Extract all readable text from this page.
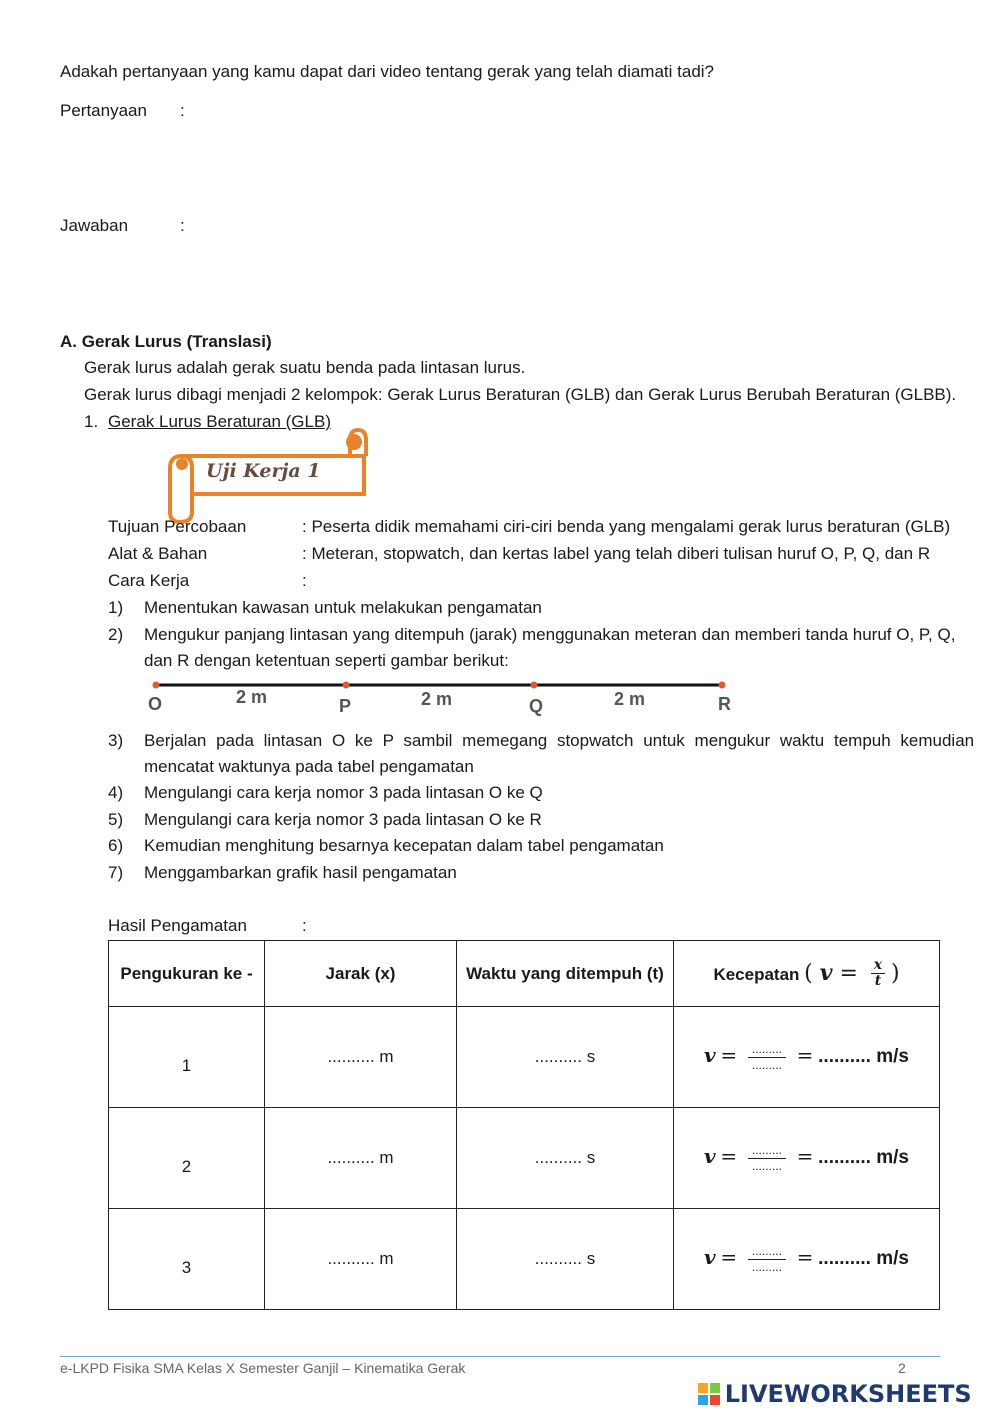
Adakah pertanyaan yang kamu dapat dari video tentang gerak yang telah diamati tadi?
Pertanyaan :
Jawaban	:
A. Gerak Lurus (Translasi)
Gerak lurus adalah gerak suatu benda pada lintasan lurus.
Gerak lurus dibagi menjadi 2 kelompok: Gerak Lurus Beraturan (GLB) dan Gerak Lurus Berubah Beraturan (GLBB).
1. Gerak Lurus Beraturan (GLB)
Uji Kerja 1
Tujuan Percobaan	: Peserta didik memahami ciri-ciri benda yang mengalami gerak lurus beraturan (GLB)
Alat & Bahan	: Meteran, stopwatch, dan kertas label yang telah diberi tulisan huruf O, P, Q, dan R
Cara Kerja	:
1) Menentukan kawasan untuk melakukan pengamatan
2) Mengukur panjang lintasan yang ditempuh (jarak) menggunakan meteran dan memberi tanda huruf O, P, Q,
dan R dengan ketentuan seperti gambar berikut:
O	P	Q	R
2 m	2 m	2 m
3) Berjalan pada lintasan O ke P sambil memegang stopwatch untuk mengukur waktu tempuh kemudian
mencatat waktunya pada tabel pengamatan
4) Mengulangi cara kerja nomor 3 pada lintasan O ke Q
5) Mengulangi cara kerja nomor 3 pada lintasan O ke R
6) Kemudian menghitung besarnya kecepatan dalam tabel pengamatan
7) Menggambarkan grafik hasil pengamatan
Hasil Pengamatan	:
Pengukuran ke -	Jarak (x)	Waktu yang ditempuh (t)	Kecepatan ( $v = \frac{x}{t}$ )
1	.......... m	.......... s	$v = \frac{.........}{.........}$ = .......... m/s
2	.......... m	.......... s	$v = \frac{.........}{.........}$ = .......... m/s
3	.......... m	.......... s	$v = \frac{.........}{.........}$ = .......... m/s
e-LKPD Fisika SMA Kelas X Semester Ganjil – Kinematika Gerak	2
LIVEWORKSHEETS
